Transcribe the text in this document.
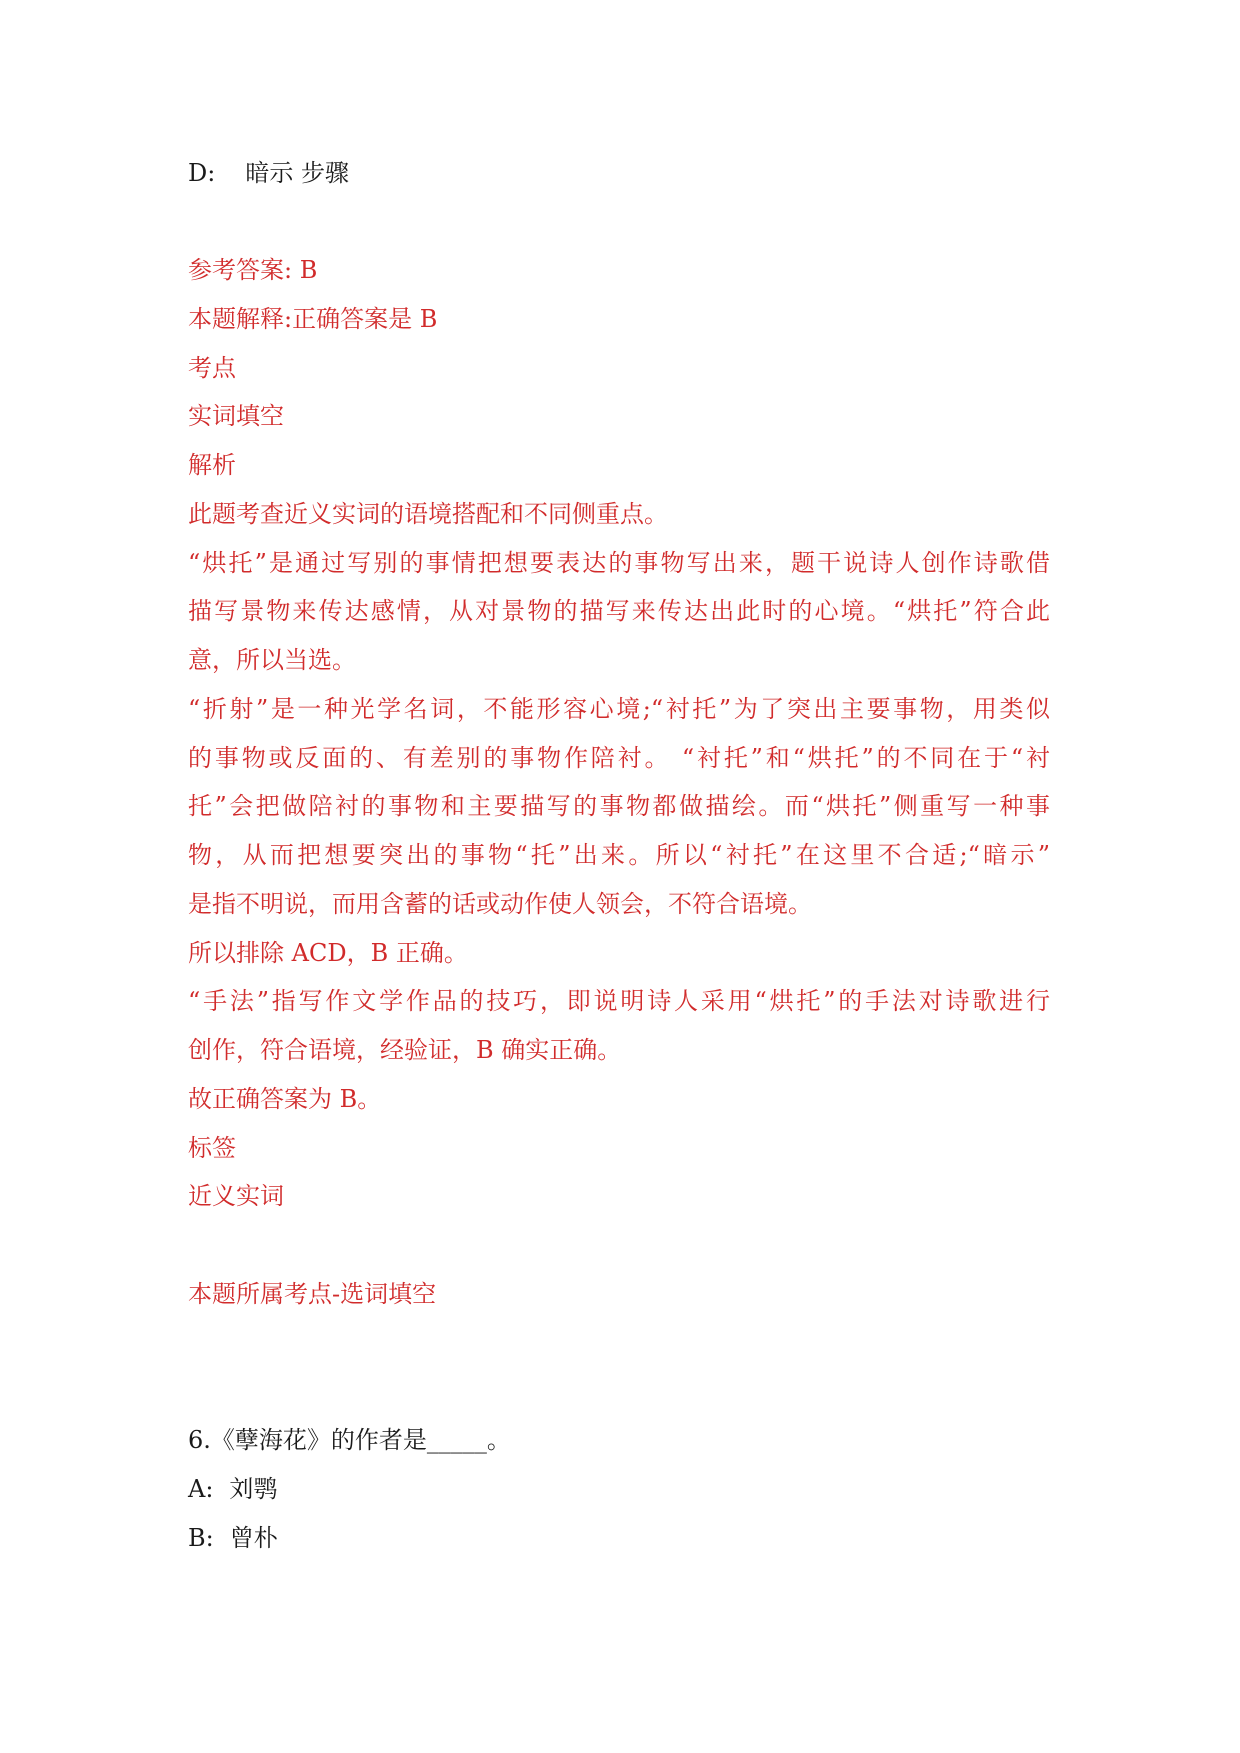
D: 暗示 步骤
参考答案: B
本题解释:正确答案是 B
考点
实词填空
解析
此题考查近义实词的语境搭配和不同侧重点。
“烘托”是通过写别的事情把想要表达的事物写出来，题干说诗人创作诗歌借
描写景物来传达感情，从对景物的描写来传达出此时的心境。“烘托”符合此
意，所以当选。
“折射”是一种光学名词，不能形容心境;“衬托”为了突出主要事物，用类似
的事物或反面的、有差别的事物作陪衬。 “衬托”和“烘托”的不同在于“衬
托”会把做陪衬的事物和主要描写的事物都做描绘。而“烘托”侧重写一种事
物，从而把想要突出的事物“托”出来。所以“衬托”在这里不合适;“暗示”
是指不明说，而用含蓄的话或动作使人领会，不符合语境。
所以排除 ACD，B 正确。
“手法”指写作文学作品的技巧，即说明诗人采用“烘托”的手法对诗歌进行
创作，符合语境，经验证，B 确实正确。
故正确答案为 B。
标签
近义实词
本题所属考点-选词填空
6.《孽海花》的作者是_____。
A: 刘鹗
B: 曾朴
